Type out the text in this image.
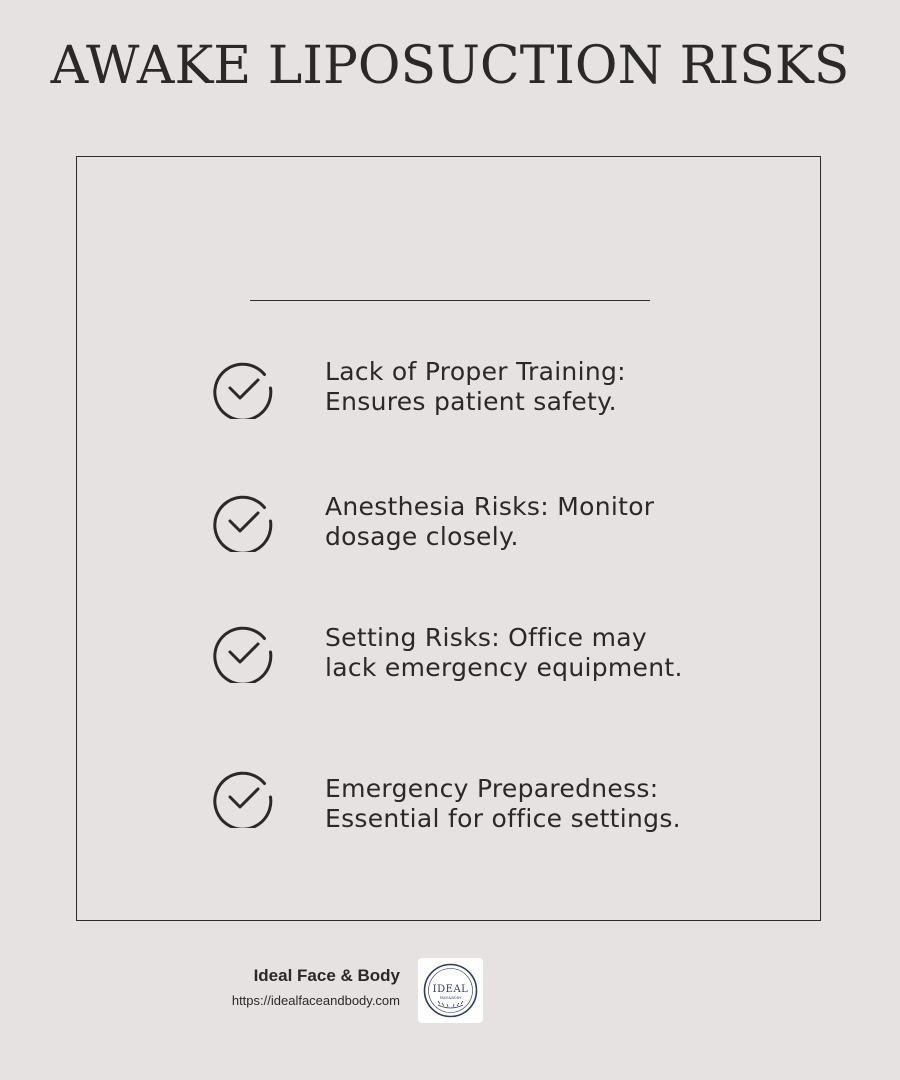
AWAKE LIPOSUCTION RISKS
Lack of Proper Training:
Ensures patient safety.
Anesthesia Risks: Monitor
dosage closely.
Setting Risks: Office may
lack emergency equipment.
Emergency Preparedness:
Essential for office settings.
Ideal Face & Body
https://idealfaceandbody.com
IDEAL
FACE&BODY
